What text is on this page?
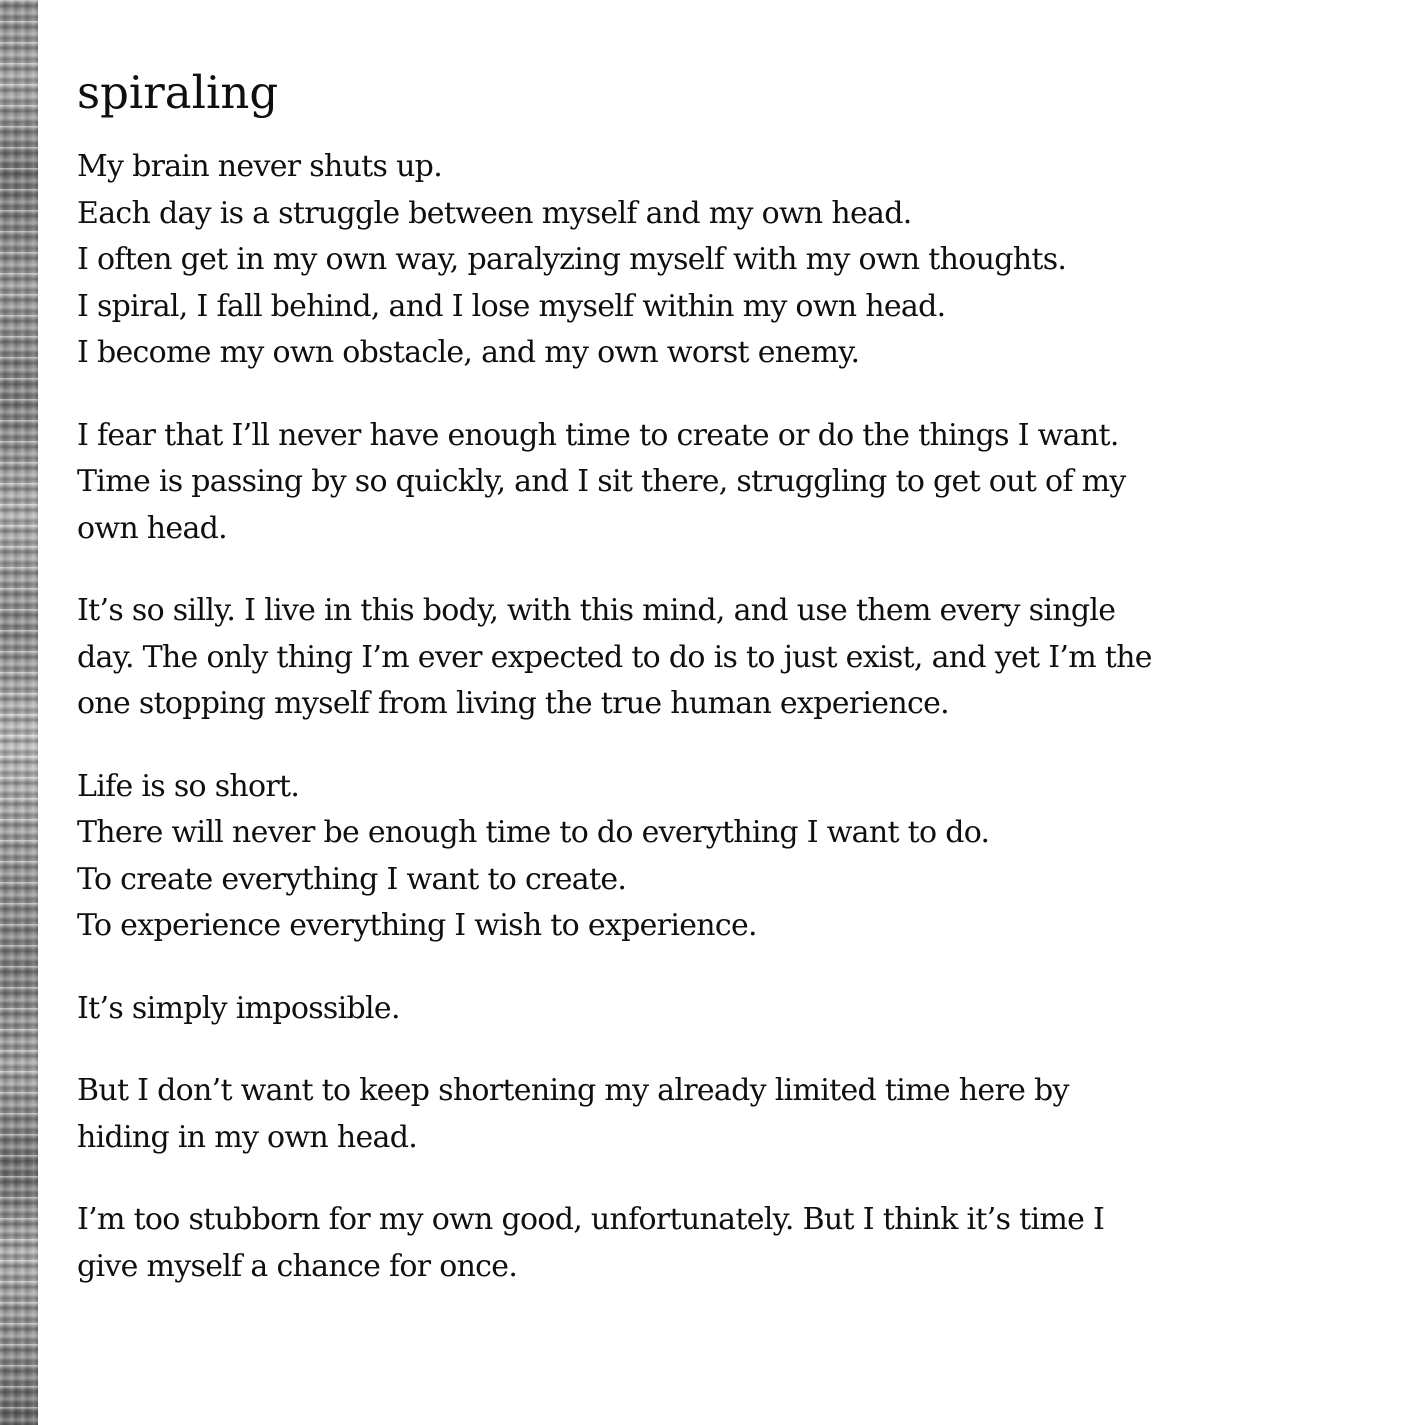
spiraling
My brain never shuts up.
Each day is a struggle between myself and my own head.
I often get in my own way, paralyzing myself with my own thoughts.
I spiral, I fall behind, and I lose myself within my own head.
I become my own obstacle, and my own worst enemy.
I fear that I’ll never have enough time to create or do the things I want.
Time is passing by so quickly, and I sit there, struggling to get out of my
own head.
It’s so silly. I live in this body, with this mind, and use them every single
day. The only thing I’m ever expected to do is to just exist, and yet I’m the
one stopping myself from living the true human experience.
Life is so short.
There will never be enough time to do everything I want to do.
To create everything I want to create.
To experience everything I wish to experience.
It’s simply impossible.
But I don’t want to keep shortening my already limited time here by
hiding in my own head.
I’m too stubborn for my own good, unfortunately. But I think it’s time I
give myself a chance for once.
